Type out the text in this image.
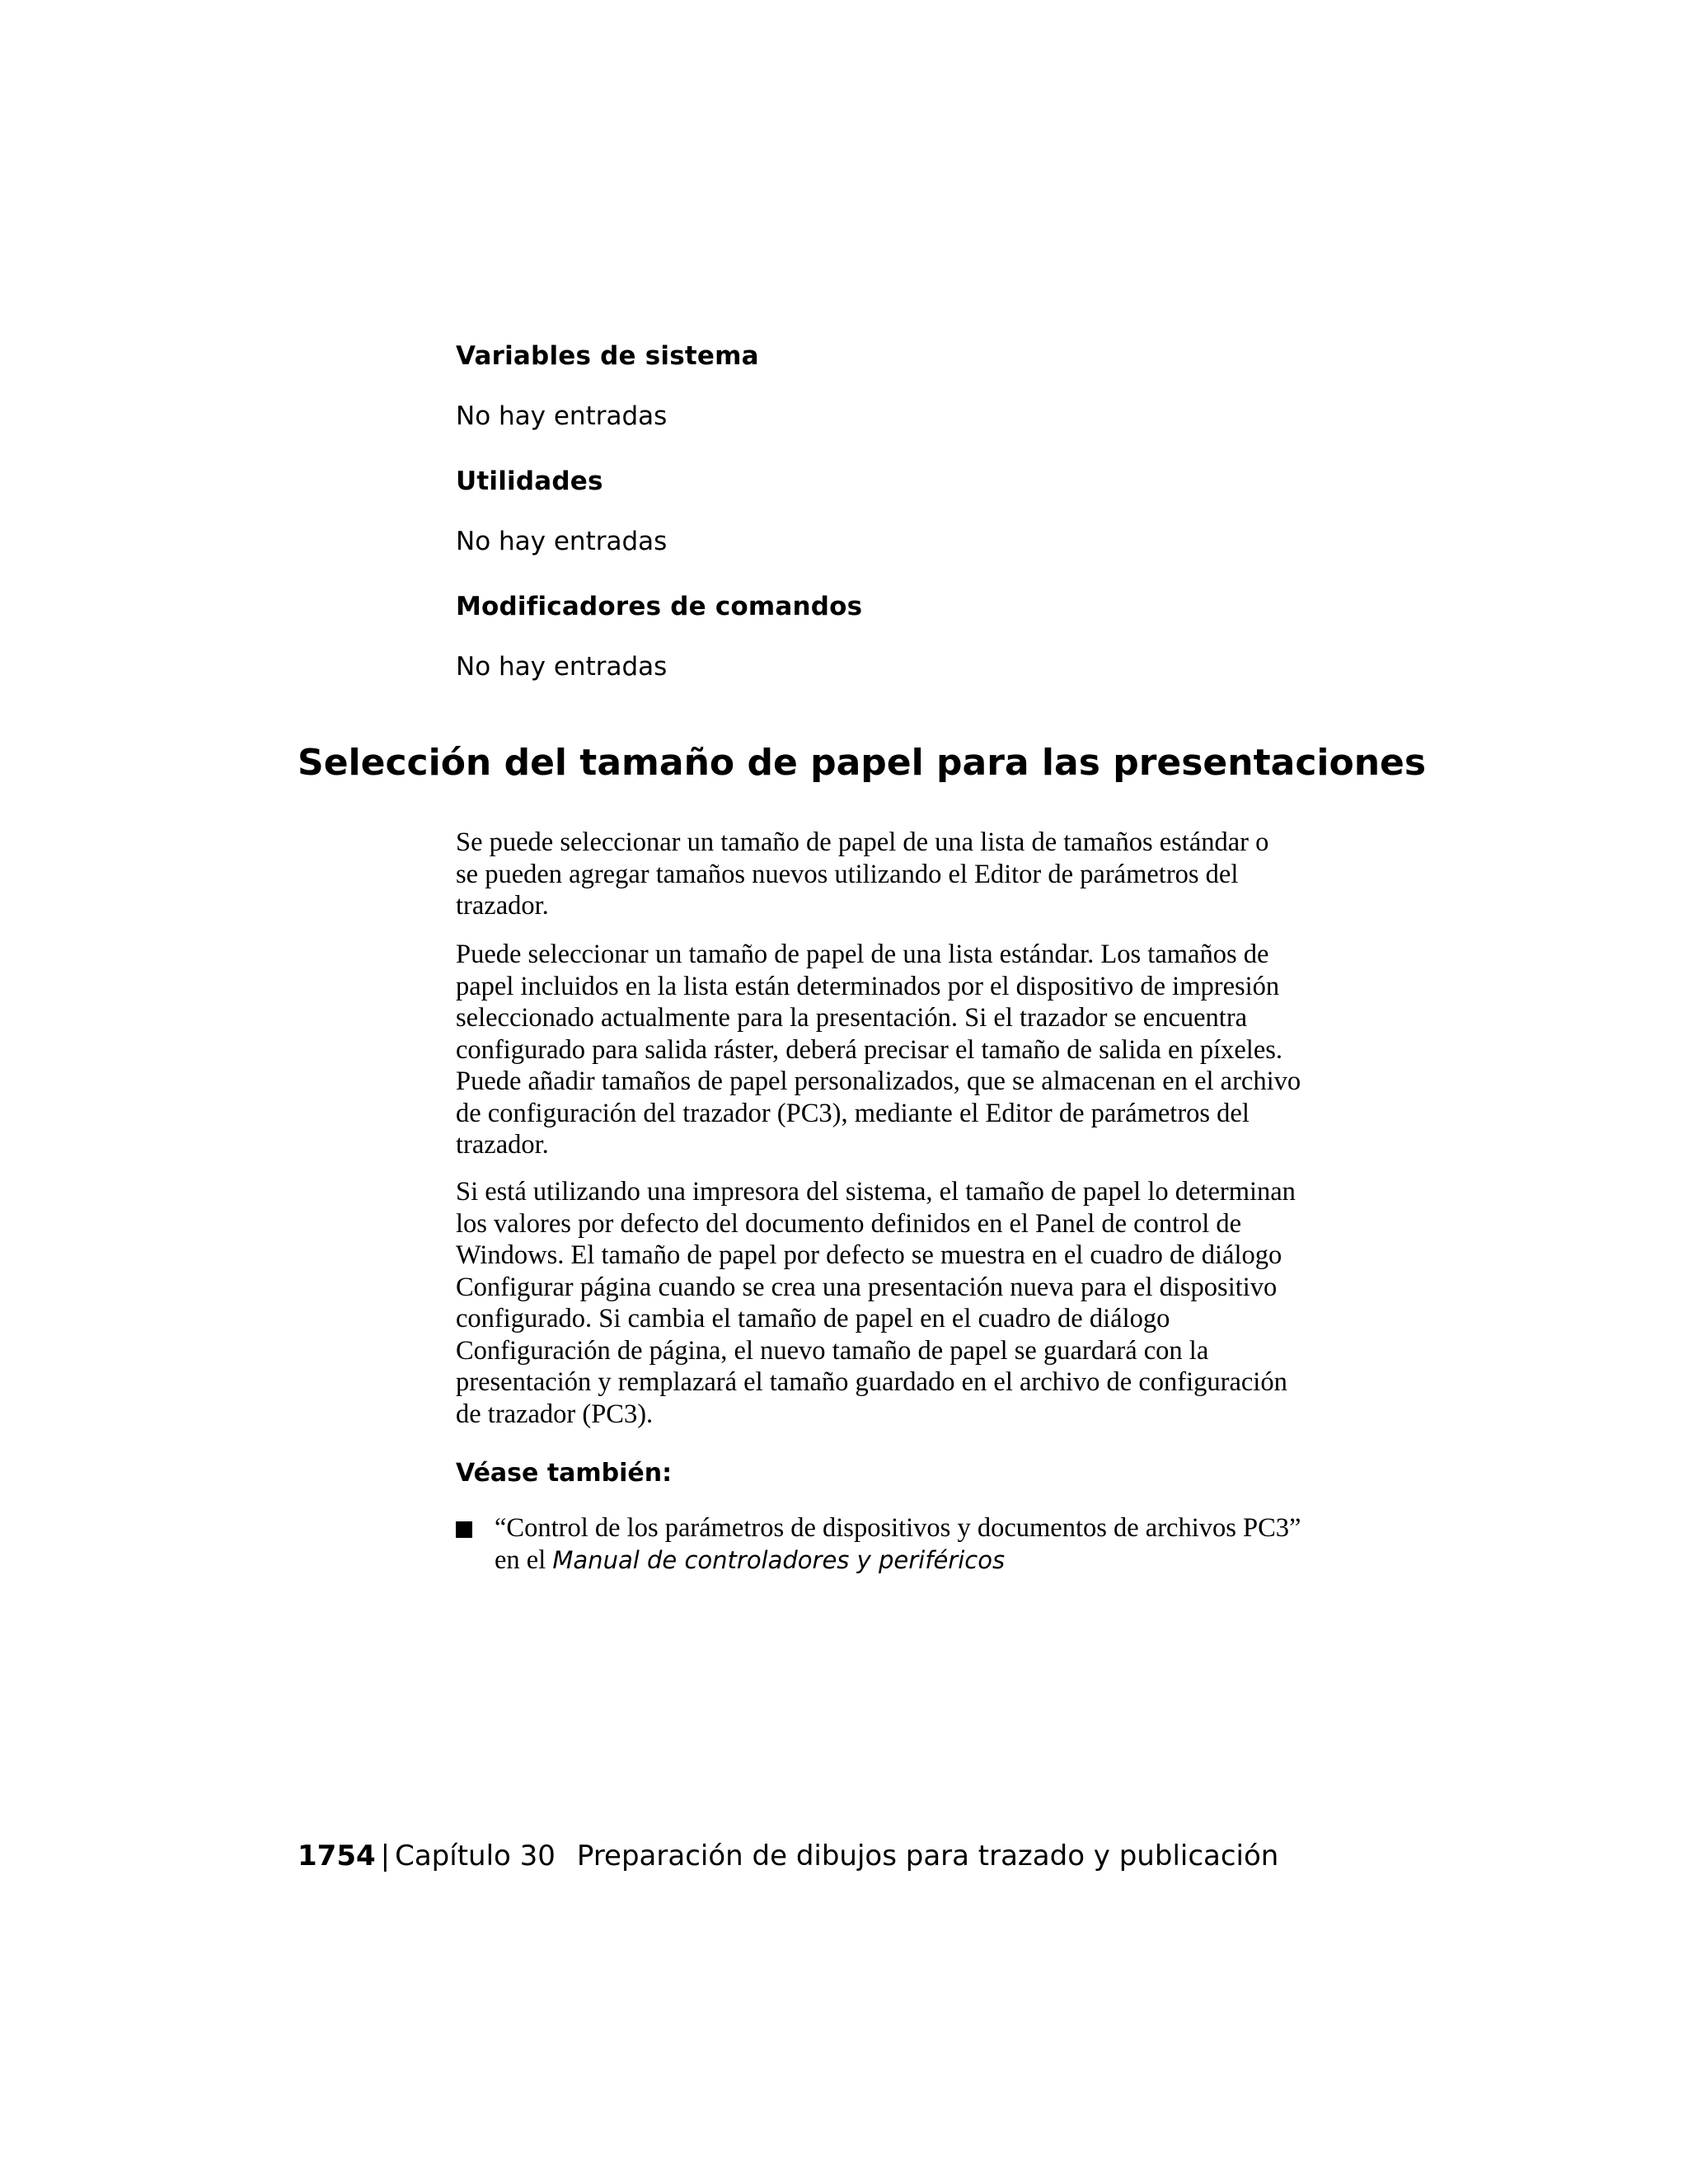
Variables de sistema
No hay entradas
Utilidades
No hay entradas
Modificadores de comandos
No hay entradas
Selección del tamaño de papel para las presentaciones
Se puede seleccionar un tamaño de papel de una lista de tamaños estándar o
se pueden agregar tamaños nuevos utilizando el Editor de parámetros del
trazador.
Puede seleccionar un tamaño de papel de una lista estándar. Los tamaños de
papel incluidos en la lista están determinados por el dispositivo de impresión
seleccionado actualmente para la presentación. Si el trazador se encuentra
configurado para salida ráster, deberá precisar el tamaño de salida en píxeles.
Puede añadir tamaños de papel personalizados, que se almacenan en el archivo
de configuración del trazador (PC3), mediante el Editor de parámetros del
trazador.
Si está utilizando una impresora del sistema, el tamaño de papel lo determinan
los valores por defecto del documento definidos en el Panel de control de
Windows. El tamaño de papel por defecto se muestra en el cuadro de diálogo
Configurar página cuando se crea una presentación nueva para el dispositivo
configurado. Si cambia el tamaño de papel en el cuadro de diálogo
Configuración de página, el nuevo tamaño de papel se guardará con la
presentación y remplazará el tamaño guardado en el archivo de configuración
de trazador (PC3).
Véase también:
“Control de los parámetros de dispositivos y documentos de archivos PC3”
en el Manual de controladores y periféricos
1754 | Capítulo 30 Preparación de dibujos para trazado y publicación
